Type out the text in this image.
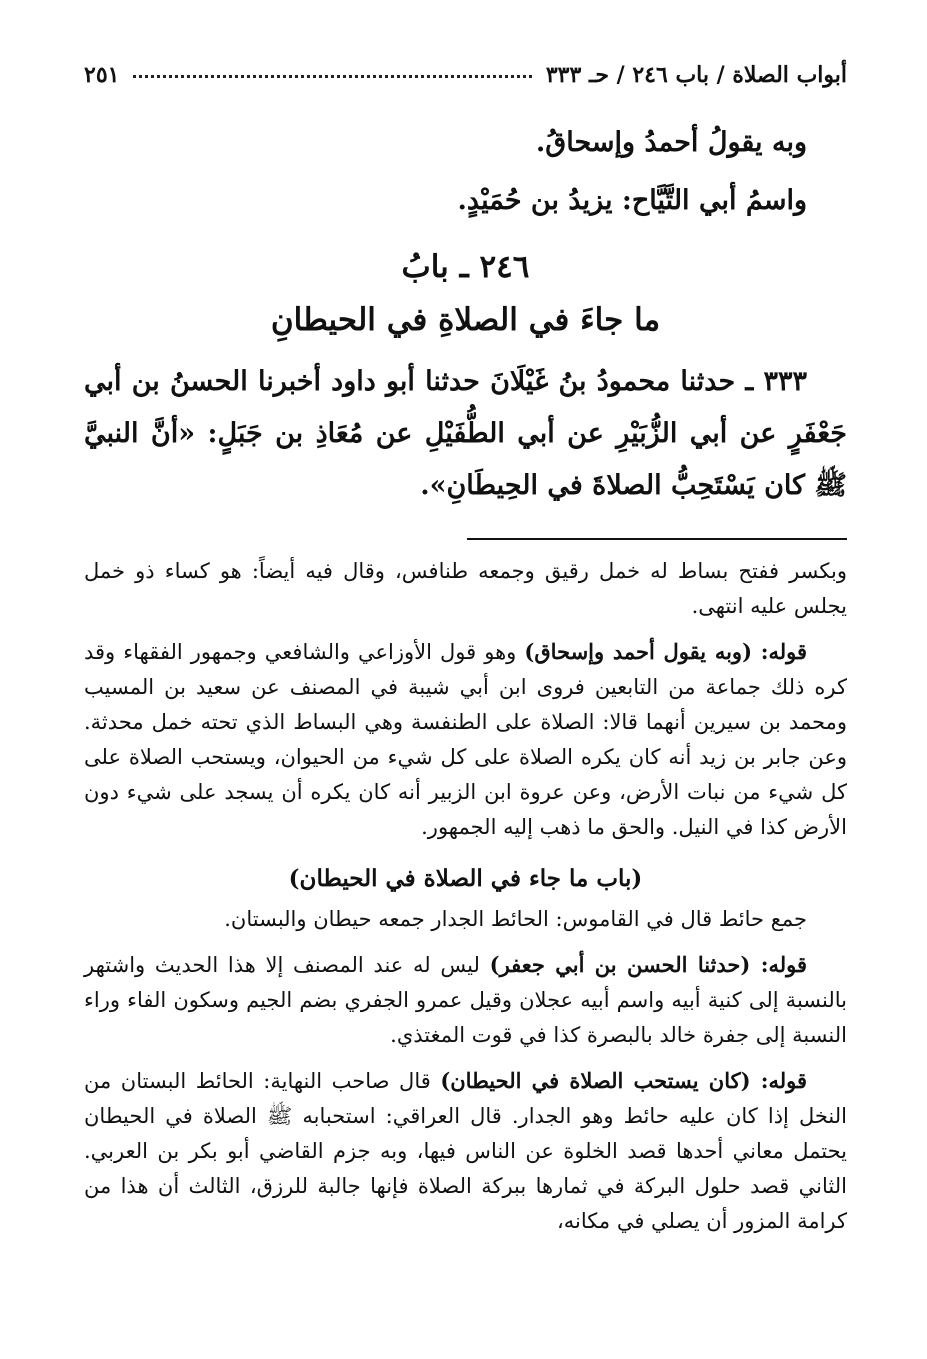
أبواب الصلاة / باب ٢٤٦ / حـ ٣٣٣
٢٥١

وبه يقولُ أحمدُ وإسحاقُ.

واسمُ أبي التَّيَّاح: يزيدُ بن حُمَيْدٍ.

٢٤٦ ـ بابُ

ما جاءَ في الصلاةِ في الحيطانِ

٣٣٣ ـ حدثنا محمودُ بنُ غَيْلَانَ حدثنا أبو داود أخبرنا الحسنُ بن أبي جَعْفَرٍ عن أبي الزُّبَيْرِ عن أبي الطُّفَيْلِ عن مُعَاذِ بن جَبَلٍ: «أنَّ النبيَّ ﷺ كان يَسْتَحِبُّ الصلاةَ في الحِيطَانِ».

وبكسر ففتح بساط له خمل رقيق وجمعه طنافس، وقال فيه أيضاً: هو كساء ذو خمل يجلس عليه انتهى.

قوله: (وبه يقول أحمد وإسحاق) وهو قول الأوزاعي والشافعي وجمهور الفقهاء وقد كره ذلك جماعة من التابعين فروى ابن أبي شيبة في المصنف عن سعيد بن المسيب ومحمد بن سيرين أنهما قالا: الصلاة على الطنفسة وهي البساط الذي تحته خمل محدثة. وعن جابر بن زيد أنه كان يكره الصلاة على كل شيء من الحيوان، ويستحب الصلاة على كل شيء من نبات الأرض، وعن عروة ابن الزبير أنه كان يكره أن يسجد على شيء دون الأرض كذا في النيل. والحق ما ذهب إليه الجمهور.

(باب ما جاء في الصلاة في الحيطان)

جمع حائط قال في القاموس: الحائط الجدار جمعه حيطان والبستان.

قوله: (حدثنا الحسن بن أبي جعفر) ليس له عند المصنف إلا هذا الحديث واشتهر بالنسبة إلى كنية أبيه واسم أبيه عجلان وقيل عمرو الجفري بضم الجيم وسكون الفاء وراء النسبة إلى جفرة خالد بالبصرة كذا في قوت المغتذي.

قوله: (كان يستحب الصلاة في الحيطان) قال صاحب النهاية: الحائط البستان من النخل إذا كان عليه حائط وهو الجدار. قال العراقي: استحبابه ﷺ الصلاة في الحيطان يحتمل معاني أحدها قصد الخلوة عن الناس فيها، وبه جزم القاضي أبو بكر بن العربي. الثاني قصد حلول البركة في ثمارها ببركة الصلاة فإنها جالبة للرزق، الثالث أن هذا من كرامة المزور أن يصلي في مكانه،
